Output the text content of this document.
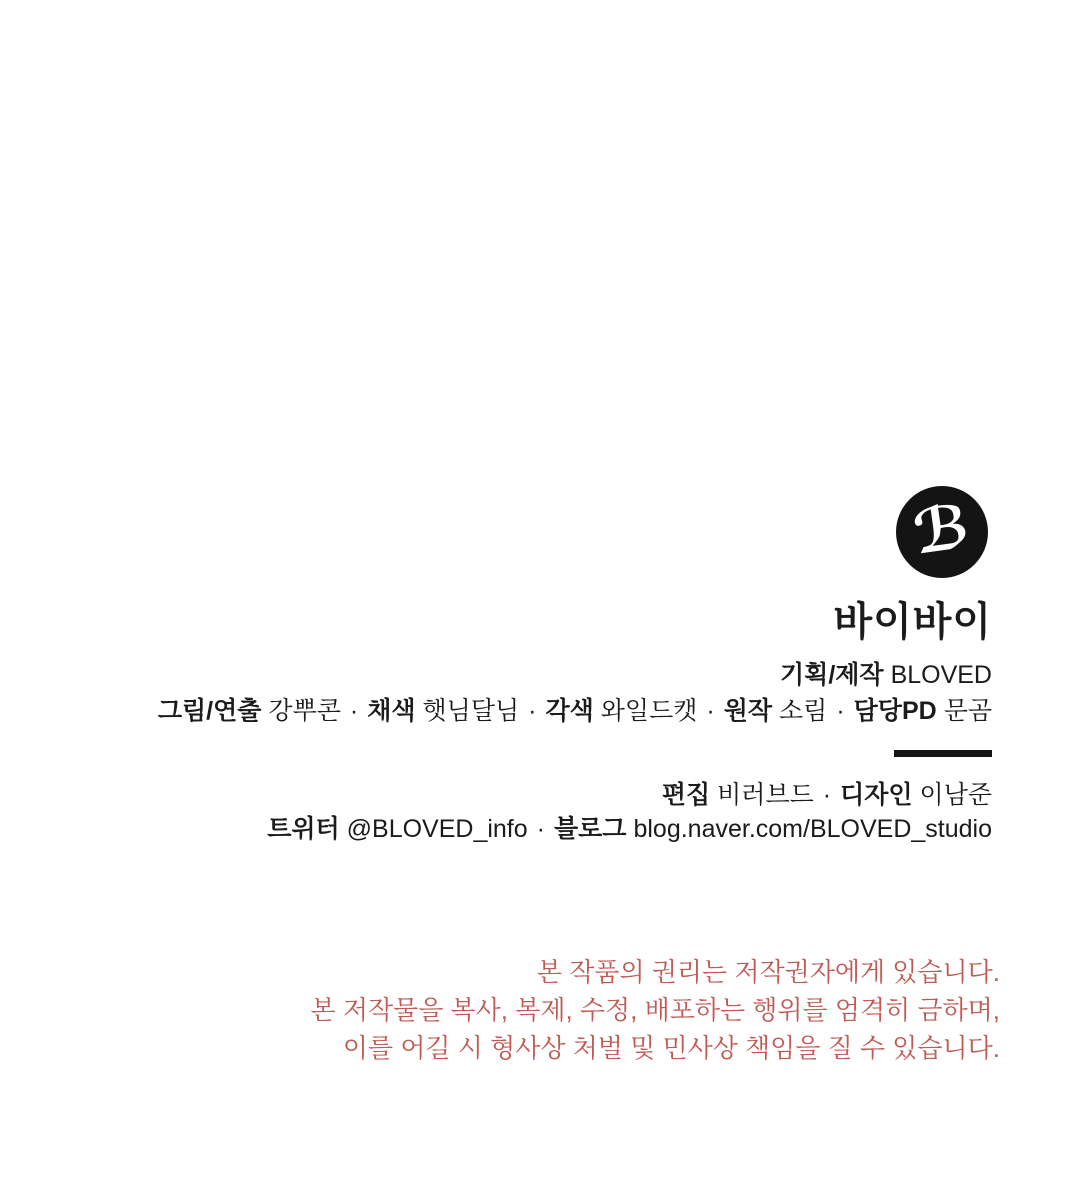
ℬ
바이바이
기획/제작 BLOVED
그림/연출 강뿌콘 · 채색 햇님달님 · 각색 와일드캣 · 원작 소림 · 담당PD 문곰
편집 비러브드 · 디자인 이남준
트위터 @BLOVED_info · 블로그 blog.naver.com/BLOVED_studio
본 작품의 권리는 저작권자에게 있습니다.
본 저작물을 복사, 복제, 수정, 배포하는 행위를 엄격히 금하며,
이를 어길 시 형사상 처벌 및 민사상 책임을 질 수 있습니다.
